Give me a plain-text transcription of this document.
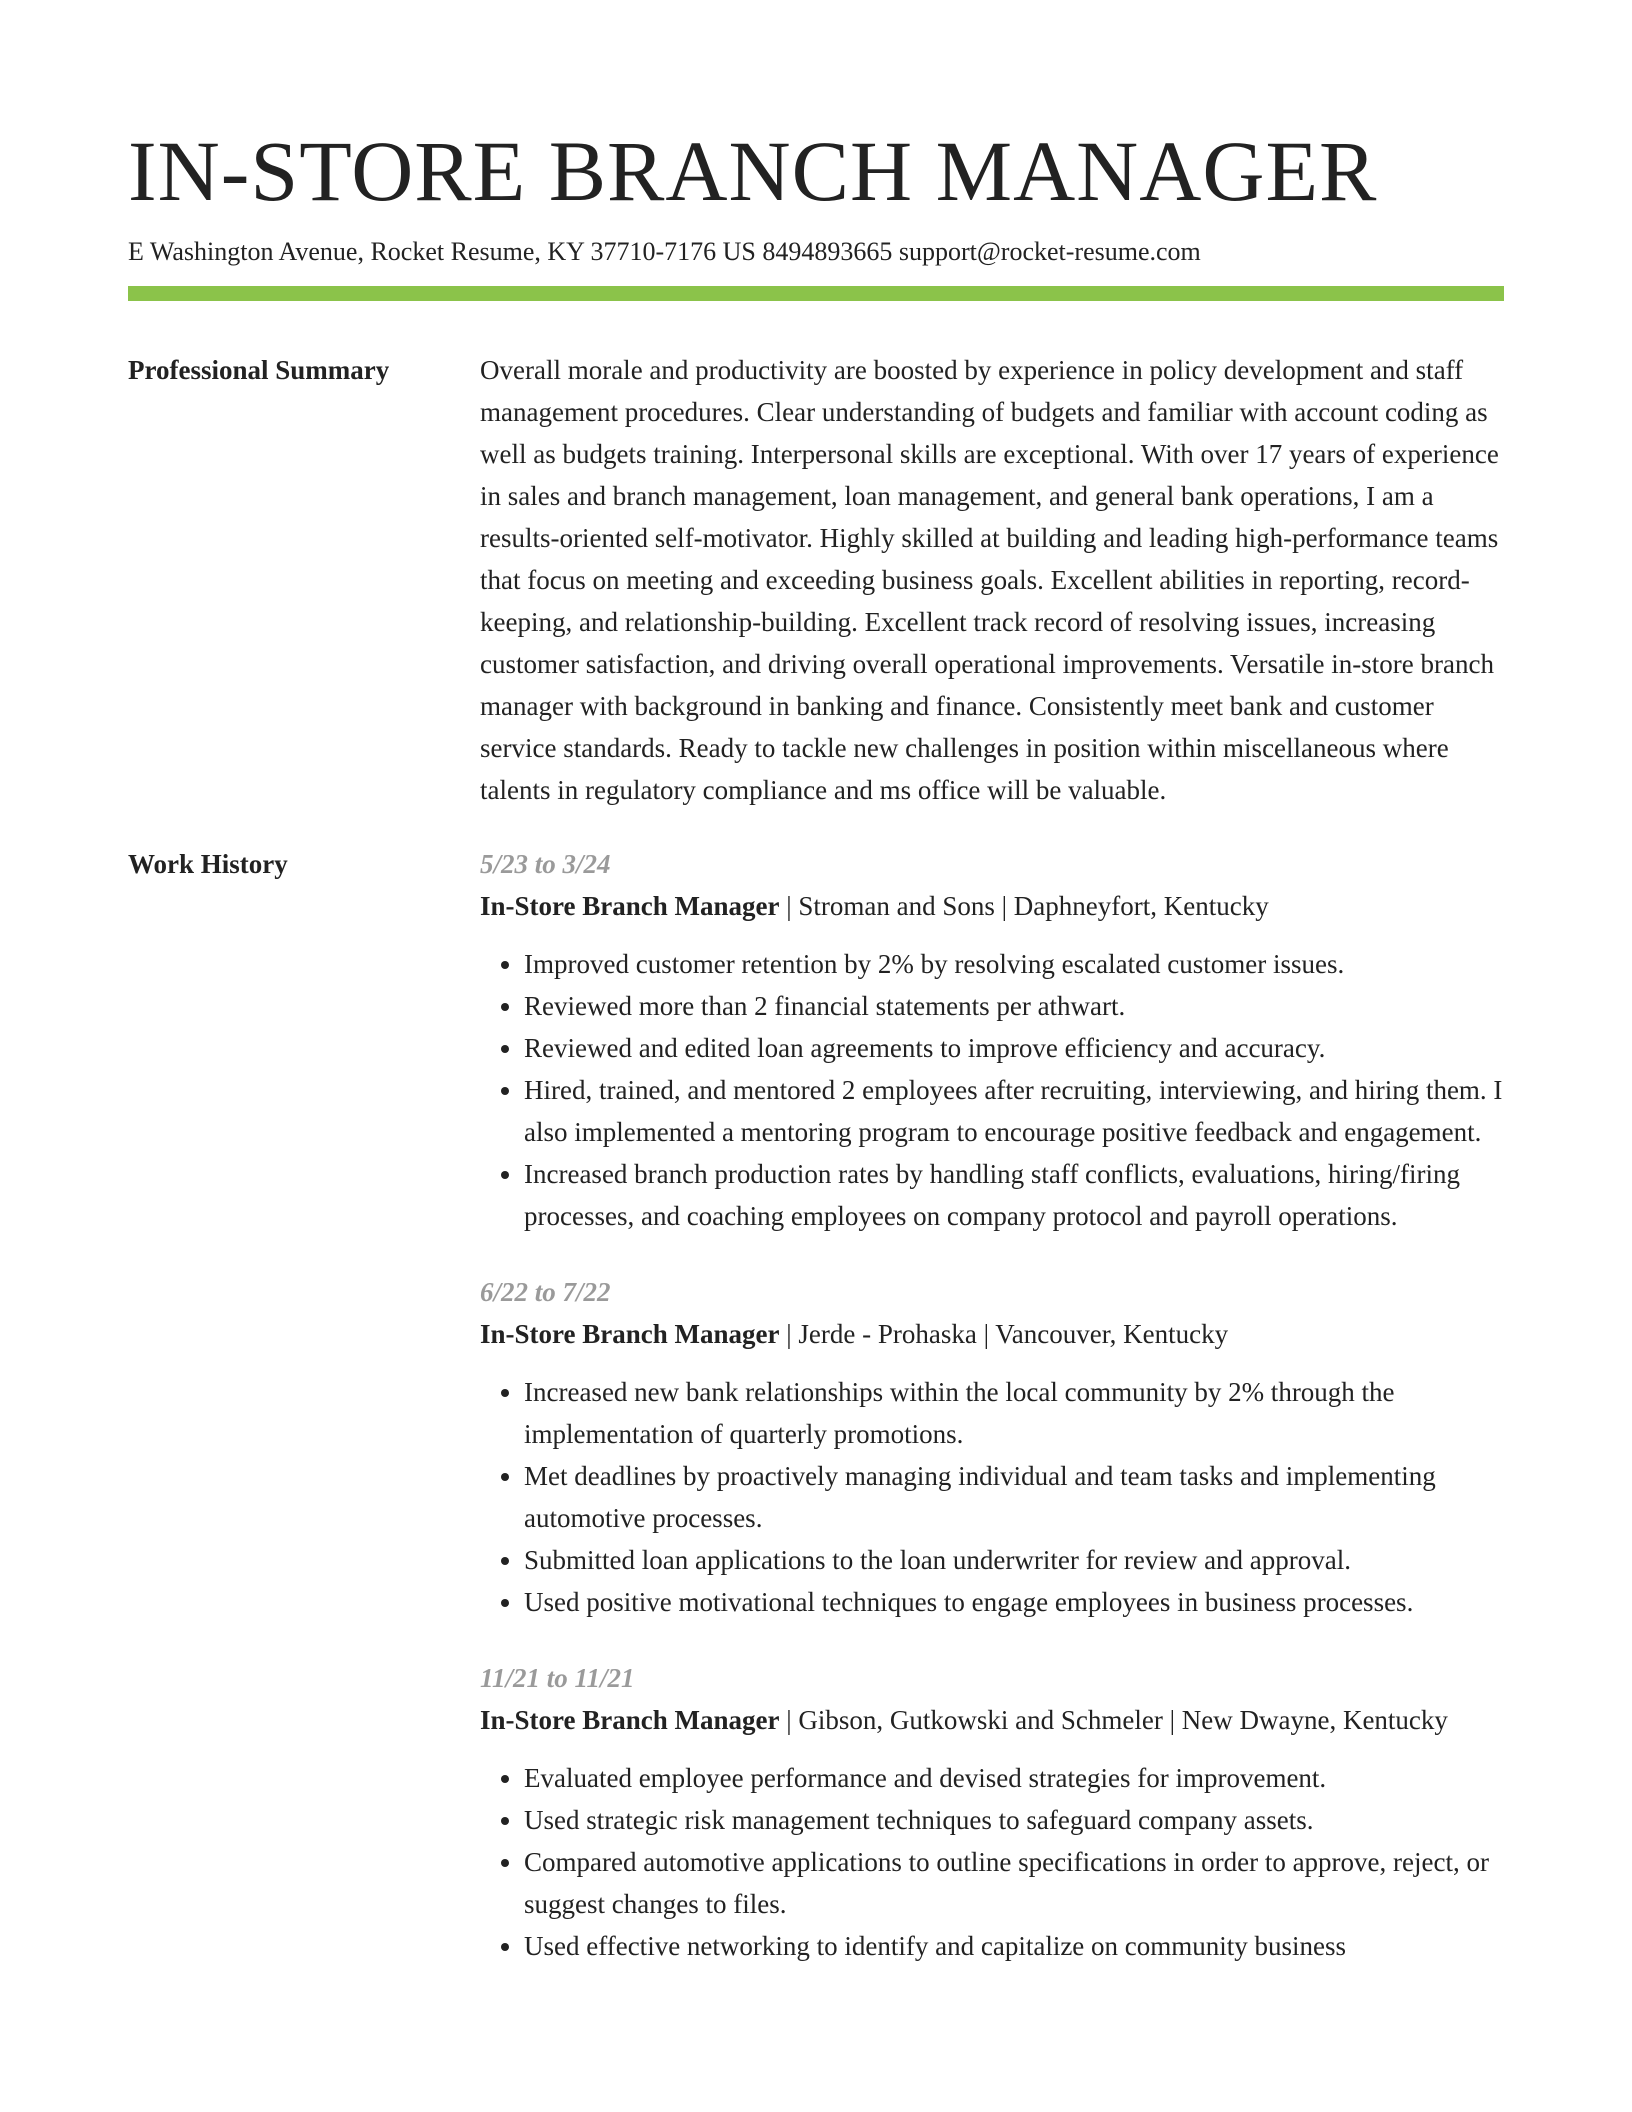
IN-STORE BRANCH MANAGER
E Washington Avenue, Rocket Resume, KY 37710-7176 US 8494893665 support@rocket-resume.com
Professional Summary	Overall morale and productivity are boosted by experience in policy development and staff management procedures. Clear understanding of budgets and familiar with account coding as well as budgets training. Interpersonal skills are exceptional. With over 17 years of experience in sales and branch management, loan management, and general bank operations, I am a results-oriented self-motivator. Highly skilled at building and leading high-performance teams that focus on meeting and exceeding business goals. Excellent abilities in reporting, record-keeping, and relationship-building. Excellent track record of resolving issues, increasing customer satisfaction, and driving overall operational improvements. Versatile in-store branch manager with background in banking and finance. Consistently meet bank and customer service standards. Ready to tackle new challenges in position within miscellaneous where talents in regulatory compliance and ms office will be valuable.

Work History	5/23 to 3/24
In-Store Branch Manager | Stroman and Sons | Daphneyfort, Kentucky
• Improved customer retention by 2% by resolving escalated customer issues.
• Reviewed more than 2 financial statements per athwart.
• Reviewed and edited loan agreements to improve efficiency and accuracy.
• Hired, trained, and mentored 2 employees after recruiting, interviewing, and hiring them. I also implemented a mentoring program to encourage positive feedback and engagement.
• Increased branch production rates by handling staff conflicts, evaluations, hiring/firing processes, and coaching employees on company protocol and payroll operations.
6/22 to 7/22
In-Store Branch Manager | Jerde - Prohaska | Vancouver, Kentucky
• Increased new bank relationships within the local community by 2% through the implementation of quarterly promotions.
• Met deadlines by proactively managing individual and team tasks and implementing automotive processes.
• Submitted loan applications to the loan underwriter for review and approval.
• Used positive motivational techniques to engage employees in business processes.
11/21 to 11/21
In-Store Branch Manager | Gibson, Gutkowski and Schmeler | New Dwayne, Kentucky
• Evaluated employee performance and devised strategies for improvement.
• Used strategic risk management techniques to safeguard company assets.
• Compared automotive applications to outline specifications in order to approve, reject, or suggest changes to files.
• Used effective networking to identify and capitalize on community business
